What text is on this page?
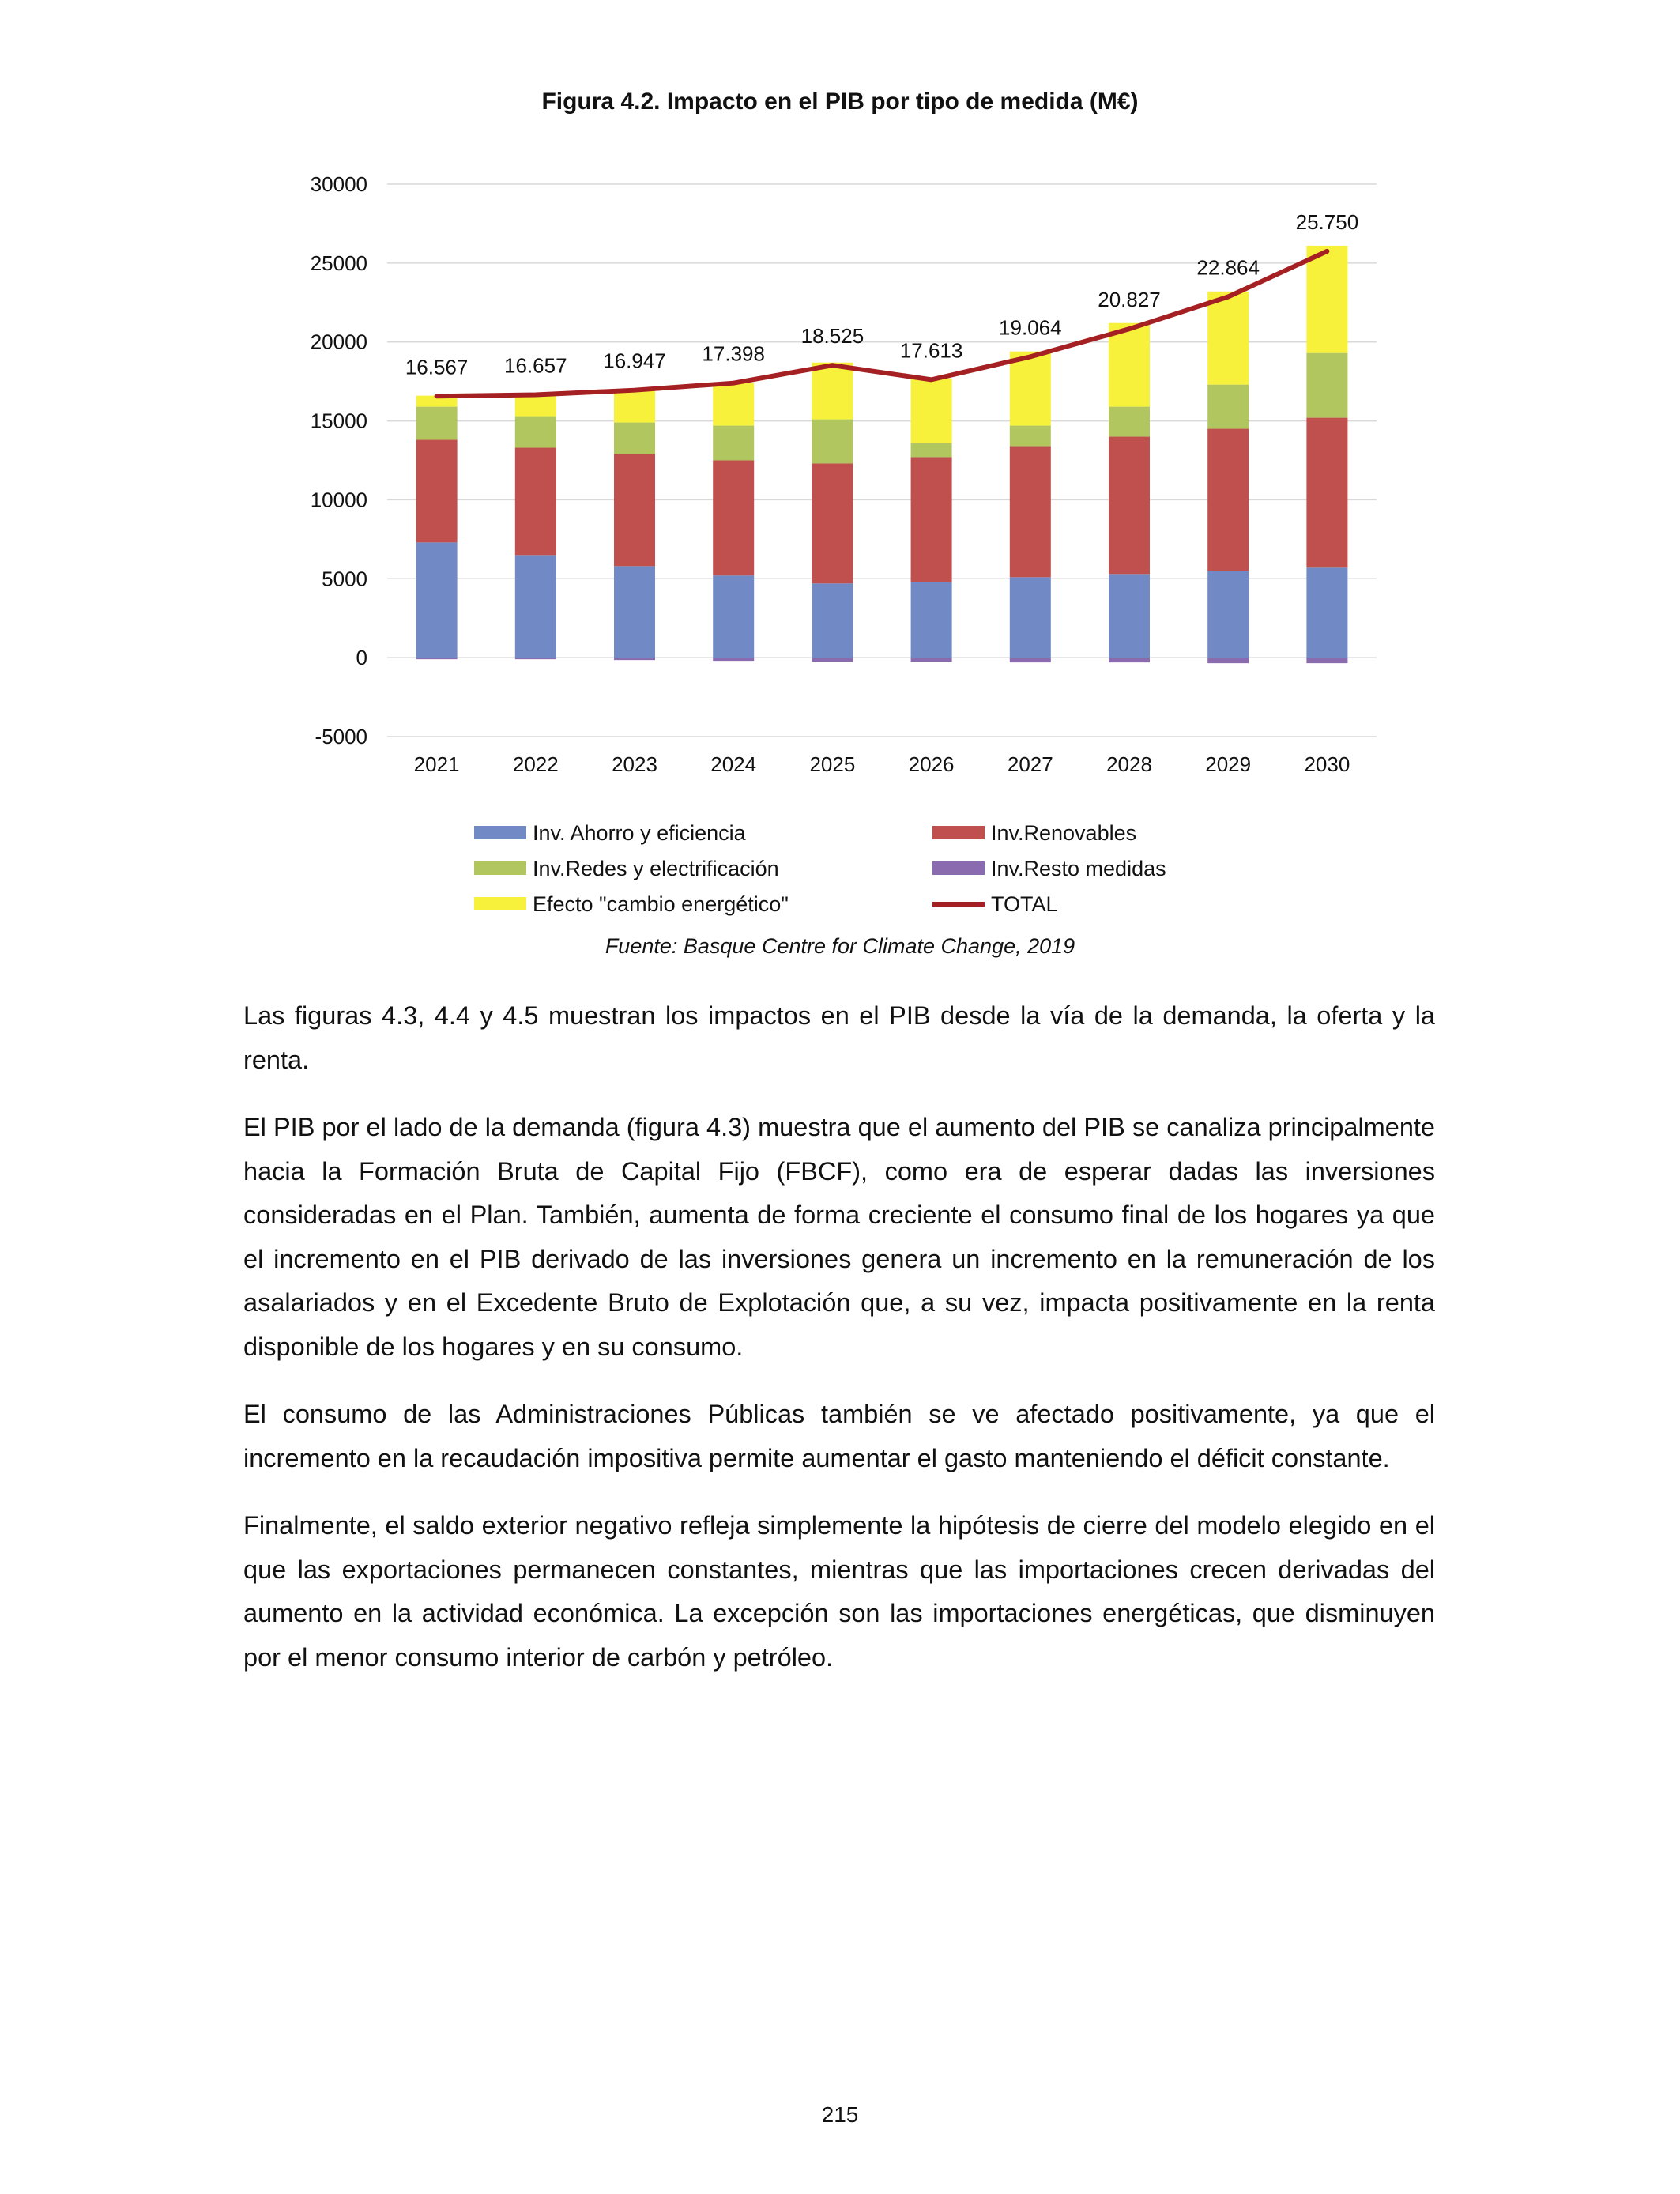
Figura 4.2. Impacto en el PIB por tipo de medida (M€)
30000
25000
20000
15000
10000
5000
0
-5000
16.567 16.657 16.947 17.398
18.525
17.613
19.064
20.827
22.864
25.750
2021	2022	2023	2024	2025	2026	2027	2028	2029	2030
Inv. Ahorro y eficiencia	Inv.Renovables
Inv.Redes y electrificación	Inv.Resto medidas
Efecto "cambio energético"	TOTAL
Fuente: Basque Centre for Climate Change, 2019

Las figuras 4.3, 4.4 y 4.5 muestran los impactos en el PIB desde la vía de la demanda, la oferta y la renta.

El PIB por el lado de la demanda (figura 4.3) muestra que el aumento del PIB se canaliza principalmente hacia la Formación Bruta de Capital Fijo (FBCF), como era de esperar dadas las inversiones consideradas en el Plan. También, aumenta de forma creciente el consumo final de los hogares ya que el incremento en el PIB derivado de las inversiones genera un incremento en la remuneración de los asalariados y en el Excedente Bruto de Explotación que, a su vez, impacta positivamente en la renta disponible de los hogares y en su consumo.

El consumo de las Administraciones Públicas también se ve afectado positivamente, ya que el incremento en la recaudación impositiva permite aumentar el gasto manteniendo el déficit constante.

Finalmente, el saldo exterior negativo refleja simplemente la hipótesis de cierre del modelo elegido en el que las exportaciones permanecen constantes, mientras que las importaciones crecen derivadas del aumento en la actividad económica. La excepción son las importaciones energéticas, que disminuyen por el menor consumo interior de carbón y petróleo.

215
